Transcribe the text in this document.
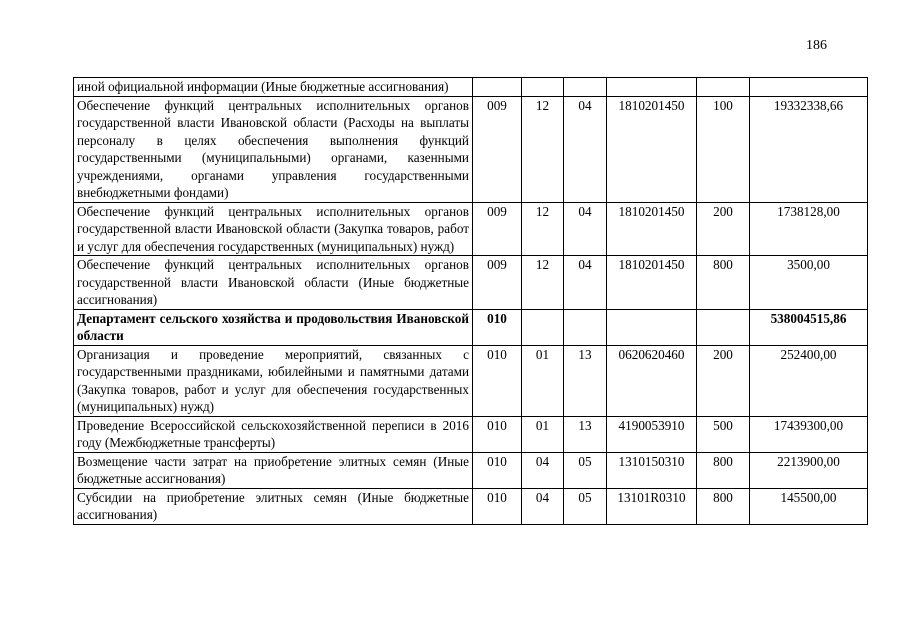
186
иной официальной информации (Иные бюджетные ассигнования)						
Обеспечение функций центральных исполнительных органов государственной власти Ивановской области (Расходы на выплаты персоналу в целях обеспечения выполнения функций государственными (муниципальными) органами, казенными учреждениями, органами управления государственными внебюджетными фондами)	009	12	04	1810201450	100	19332338,66
Обеспечение функций центральных исполнительных органов государственной власти Ивановской области (Закупка товаров, работ и услуг для обеспечения государственных (муниципальных) нужд)	009	12	04	1810201450	200	1738128,00
Обеспечение функций центральных исполнительных органов государственной власти Ивановской области (Иные бюджетные ассигнования)	009	12	04	1810201450	800	3500,00
Департамент сельского хозяйства и продовольствия Ивановской области	010					538004515,86
Организация и проведение мероприятий, связанных с государственными праздниками, юбилейными и памятными датами (Закупка товаров, работ и услуг для обеспечения государственных (муниципальных) нужд)	010	01	13	0620620460	200	252400,00
Проведение Всероссийской сельскохозяйственной переписи в 2016 году (Межбюджетные трансферты)	010	01	13	4190053910	500	17439300,00
Возмещение части затрат на приобретение элитных семян (Иные бюджетные ассигнования)	010	04	05	1310150310	800	2213900,00
Субсидии на приобретение элитных семян (Иные бюджетные ассигнования)	010	04	05	13101R0310	800	145500,00
